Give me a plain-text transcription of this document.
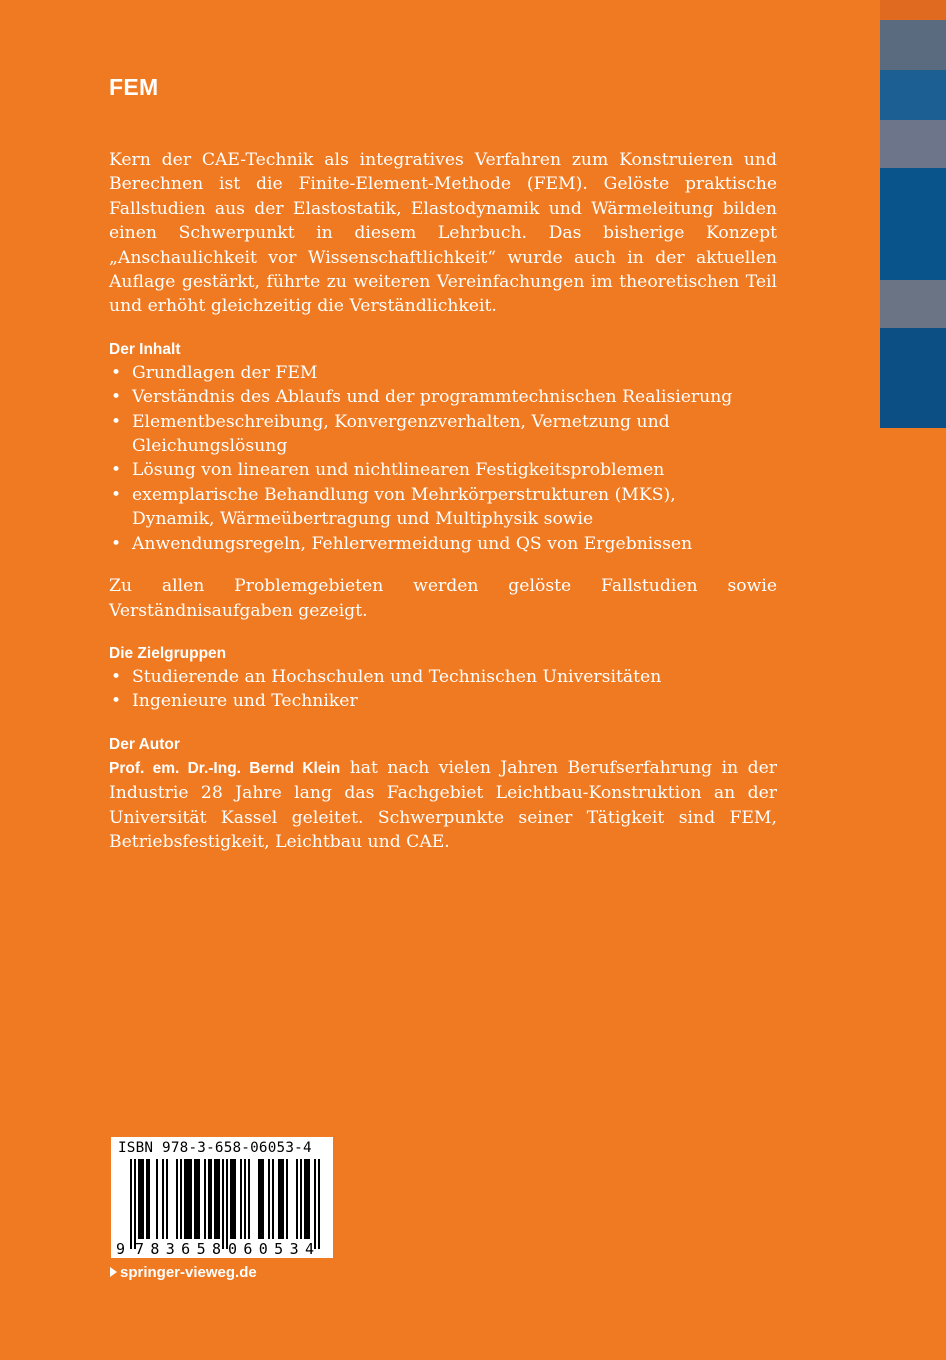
FEM

Kern der CAE-Technik als integratives Verfahren zum Konstruieren und Berechnen ist die Finite-Element-Methode (FEM). Gelöste praktische Fallstudien aus der Elastostatik, Elastodynamik und Wärmeleitung bilden einen Schwerpunkt in diesem Lehrbuch. Das bisherige Konzept „Anschaulichkeit vor Wissenschaftlichkeit“ wurde auch in der aktuellen Auflage gestärkt, führte zu weiteren Vereinfachungen im theoretischen Teil und erhöht gleichzeitig die Verständlichkeit.

Der Inhalt

• Grundlagen der FEM
• Verständnis des Ablaufs und der programmtechnischen Realisierung
• Elementbeschreibung, Konvergenzverhalten, Vernetzung und Gleichungslösung
• Lösung von linearen und nichtlinearen Festigkeitsproblemen
• exemplarische Behandlung von Mehrkörperstrukturen (MKS), Dynamik, Wärmeübertragung und Multiphysik sowie
• Anwendungsregeln, Fehlervermeidung und QS von Ergebnissen

Zu allen Problemgebieten werden gelöste Fallstudien sowie Verständnisaufgaben gezeigt.

Die Zielgruppen

• Studierende an Hochschulen und Technischen Universitäten
• Ingenieure und Techniker

Der Autor

Prof. em. Dr.-Ing. Bernd Klein hat nach vielen Jahren Berufserfahrung in der Industrie 28 Jahre lang das Fachgebiet Leichtbau-Konstruktion an der Universität Kassel geleitet. Schwerpunkte seiner Tätigkeit sind FEM, Betriebsfestigkeit, Leichtbau und CAE.

ISBN 978-3-658-06053-4
9 783658 060534
springer-vieweg.de
